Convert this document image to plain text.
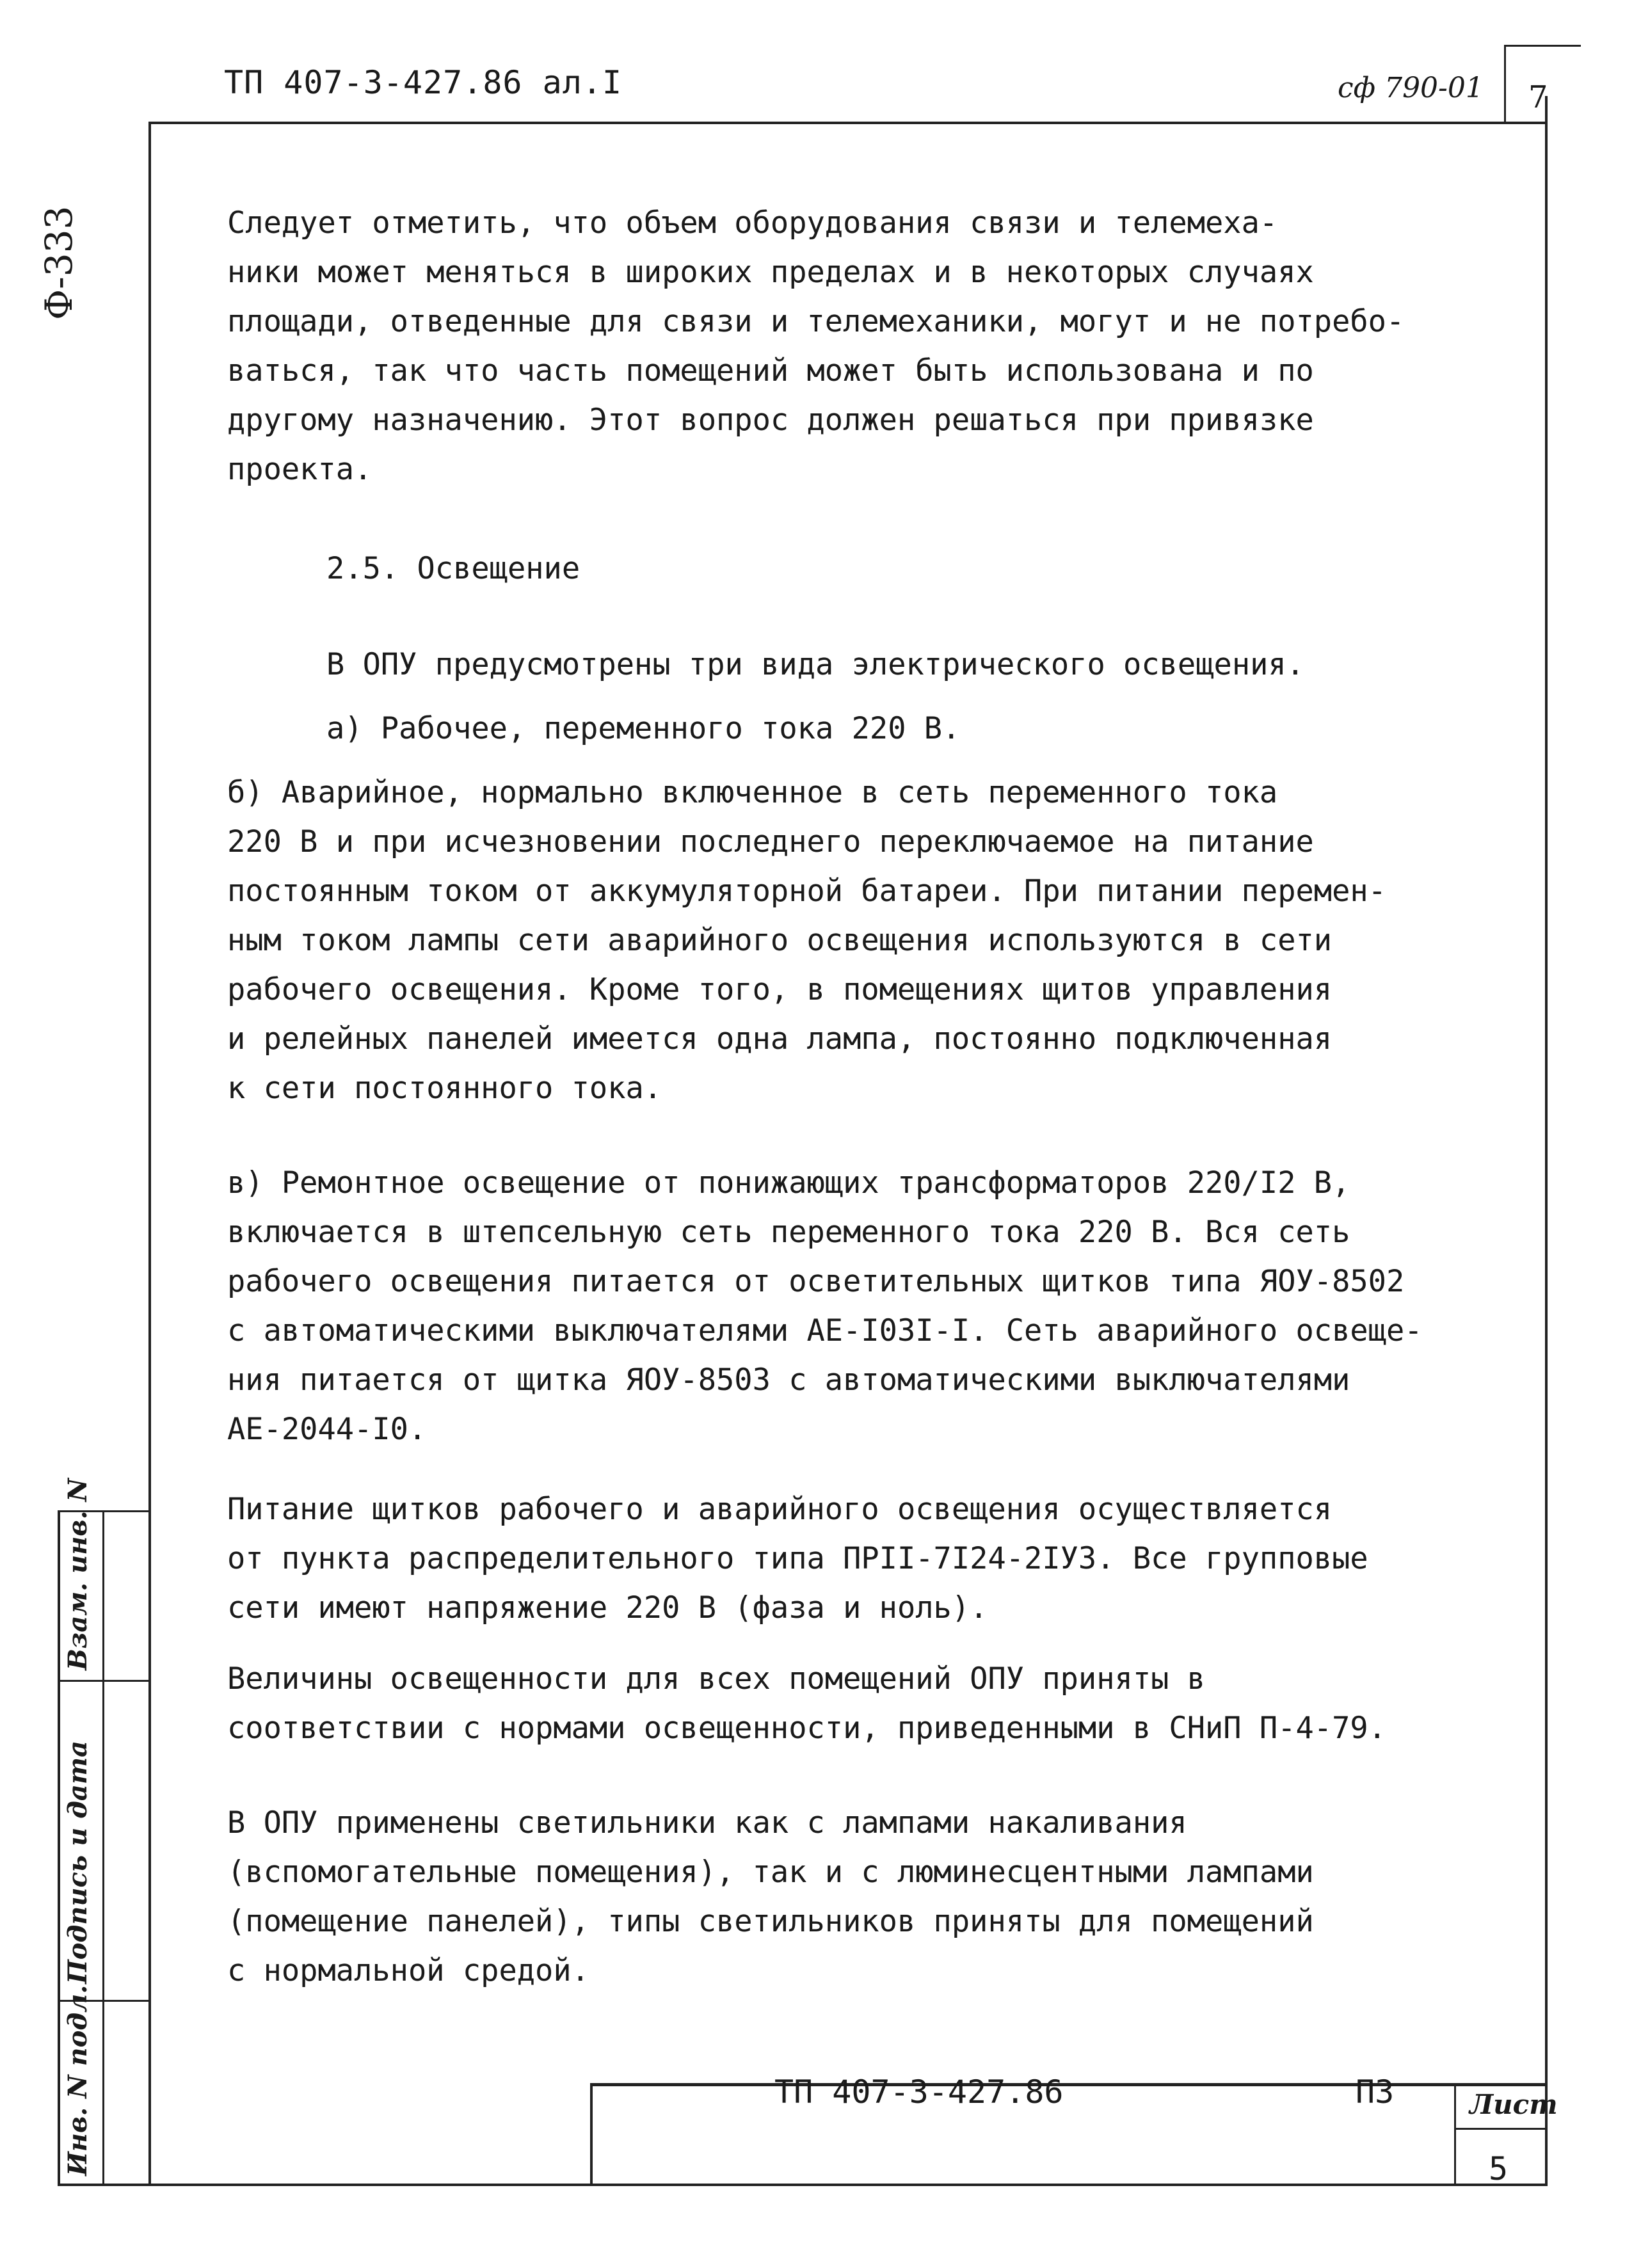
ТП 407-3-427.86 ал.I	сф 790-01 7
Ф-333	Следует отметить, что объем оборудования связи и телемеха-
ники может меняться в широких пределах и в некоторых случаях
площади, отведенные для связи и телемеханики, могут и не потребо-
ваться, так что часть помещений может быть использована и по
другому назначению. Этот вопрос должен решаться при привязке
проекта.
2.5. Освещение
В ОПУ предусмотрены три вида электрического освещения.
а) Рабочее, переменного тока 220 В.
б) Аварийное, нормально включенное в сеть переменного тока
220 В и при исчезновении последнего переключаемое на питание
постоянным током от аккумуляторной батареи. При питании перемен-
ным током лампы сети аварийного освещения используются в сети
рабочего освещения. Кроме того, в помещениях щитов управления
и релейных панелей имеется одна лампа, постоянно подключенная
к сети постоянного тока.
в) Ремонтное освещение от понижающих трансформаторов 220/I2 В,
включается в штепсельную сеть переменного тока 220 В. Вся сеть
рабочего освещения питается от осветительных щитков типа ЯОУ-8502
с автоматическими выключателями АЕ-I03I-I. Сеть аварийного освеще-
ния питается от щитка ЯОУ-8503 с автоматическими выключателями
АЕ-2044-I0.
Питание щитков рабочего и аварийного освещения осуществляется
от пункта распределительного типа ПРII-7I24-2IУ3. Все групповые
сети имеют напряжение 220 В (фаза и ноль).
Величины освещенности для всех помещений ОПУ приняты в
соответствии с нормами освещенности, приведенными в СНиП П-4-79.
В ОПУ применены светильники как с лампами накаливания
(вспомогательные помещения), так и с люминесцентными лампами
(помещение панелей), типы светильников приняты для помещений
с нормальной средой.
Взам. инв. N
Подпись и дата
Инв. N подл.	ТП 407-3-427.86	ПЗ	Лист
5
